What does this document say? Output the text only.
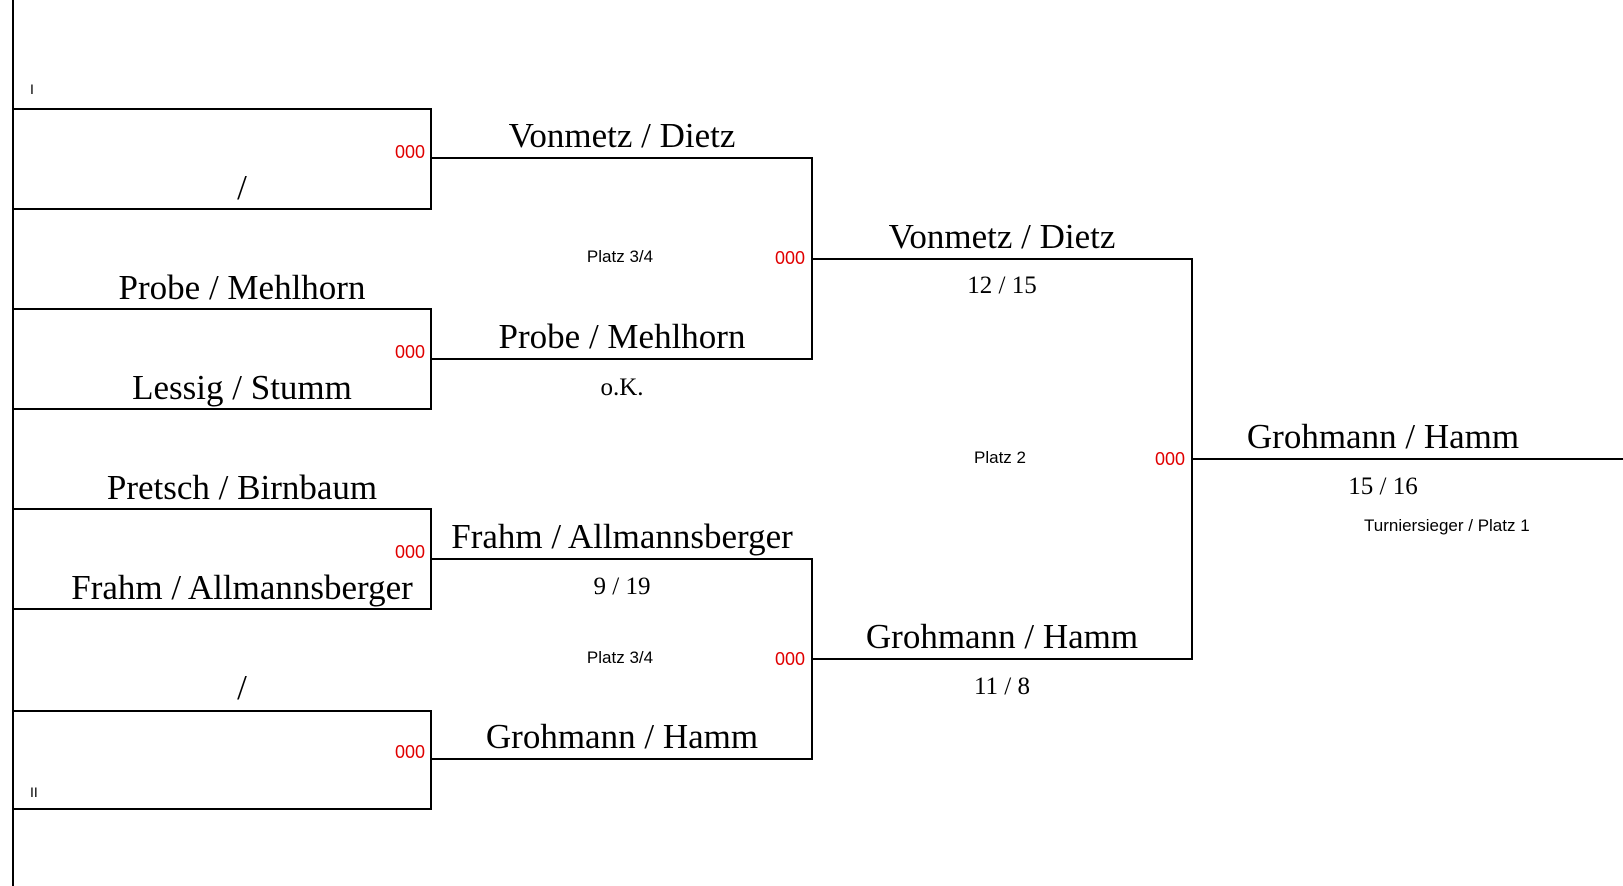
I
/
000
Probe / Mehlhorn
Lessig / Stumm
000
Pretsch / Birnbaum
Frahm / Allmannsberger
000
/
000
II
Vonmetz / Dietz
Probe / Mehlhorn
o.K.
Platz 3/4	000
Frahm / Allmannsberger
Grohmann / Hamm
9 / 19
Platz 3/4	000
Vonmetz / Dietz
12 / 15
Grohmann / Hamm
11 / 8
Platz 2	000
Grohmann / Hamm
15 / 16
Turniersieger / Platz 1
